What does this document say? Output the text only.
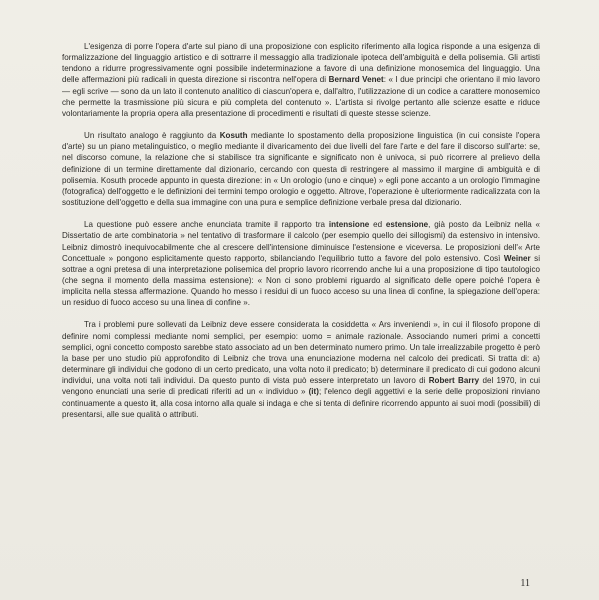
L'esigenza di porre l'opera d'arte sul piano di una proposizione con esplicito riferimento alla logica risponde a una esigenza di formalizzazione del linguaggio artistico e di sottrarre il messaggio alla tradizionale ipoteca dell'ambiguità e della polisemia. Gli artisti tendono a ridurre progressivamente ogni possibile indeterminazione a favore di una definizione monosemica del linguaggio. Una delle affermazioni più radicali in questa direzione si riscontra nell'opera di Bernard Venet: « I due principi che orientano il mio lavoro — egli scrive — sono da un lato il contenuto analitico di ciascun'opera e, dall'altro, l'utilizzazione di un codice a carattere monosemico che permette la trasmissione più sicura e più completa del contenuto ». L'artista si rivolge pertanto alle scienze esatte e riduce volontariamente la propria opera alla presentazione di procedimenti e risultati di queste stesse scienze.

Un risultato analogo è raggiunto da Kosuth mediante lo spostamento della proposizione linguistica (in cui consiste l'opera d'arte) su un piano metalinguistico, o meglio mediante il divaricamento dei due livelli del fare l'arte e del fare il discorso sull'arte: se, nel discorso comune, la relazione che si stabilisce tra significante e significato non è univoca, si può ricorrere al prelievo della definizione di un termine direttamente dal dizionario, cercando con questa di restringere al massimo il margine di ambiguità e di polisemia. Kosuth procede appunto in questa direzione: in « Un orologio (uno e cinque) » egli pone accanto a un orologio l'immagine (fotografica) dell'oggetto e le definizioni dei termini tempo orologio e oggetto. Altrove, l'operazione è ulteriormente radicalizzata con la sostituzione dell'oggetto e della sua immagine con una pura e semplice definizione verbale presa dal dizionario.

La questione può essere anche enunciata tramite il rapporto tra intensione ed estensione, già posto da Leibniz nella « Dissertatio de arte combinatoria » nel tentativo di trasformare il calcolo (per esempio quello dei sillogismi) da estensivo in intensivo. Leibniz dimostrò inequivocabilmente che al crescere dell'intensione diminuisce l'estensione e viceversa. Le proposizioni dell'« Arte Concettuale » pongono esplicitamente questo rapporto, sbilanciando l'equilibrio tutto a favore del polo estensivo. Così Weiner si sottrae a ogni pretesa di una interpretazione polisemica del proprio lavoro ricorrendo anche lui a una proposizione di tipo tautologico (che segna il momento della massima estensione): « Non ci sono problemi riguardo al significato delle opere poiché l'opera è implicita nella stessa affermazione. Quando ho messo i residui di un fuoco acceso su una linea di confine, la spiegazione dell'opera: un residuo di fuoco acceso su una linea di confine ».

Tra i problemi pure sollevati da Leibniz deve essere considerata la cosiddetta « Ars inveniendi », in cui il filosofo propone di definire nomi complessi mediante nomi semplici, per esempio: uomo = animale razionale. Associando numeri primi a concetti semplici, ogni concetto composto sarebbe stato associato ad un ben determinato numero primo. Un tale irrealizzabile progetto è però la base per uno studio più approfondito di Leibniz che trova una enunciazione moderna nel calcolo dei predicati. Si tratta di: a) determinare gli individui che godono di un certo predicato, una volta noto il predicato; b) determinare il predicato di cui godono alcuni individui, una volta noti tali individui. Da questo punto di vista può essere interpretato un lavoro di Robert Barry del 1970, in cui vengono enunciati una serie di predicati riferiti ad un « individuo » (it); l'elenco degli aggettivi e la serie delle proposizioni rinviano continuamente a questo it, alla cosa intorno alla quale si indaga e che si tenta di definire ricorrendo appunto ai suoi modi (possibili) di presentarsi, alle sue qualità o attributi.

11
